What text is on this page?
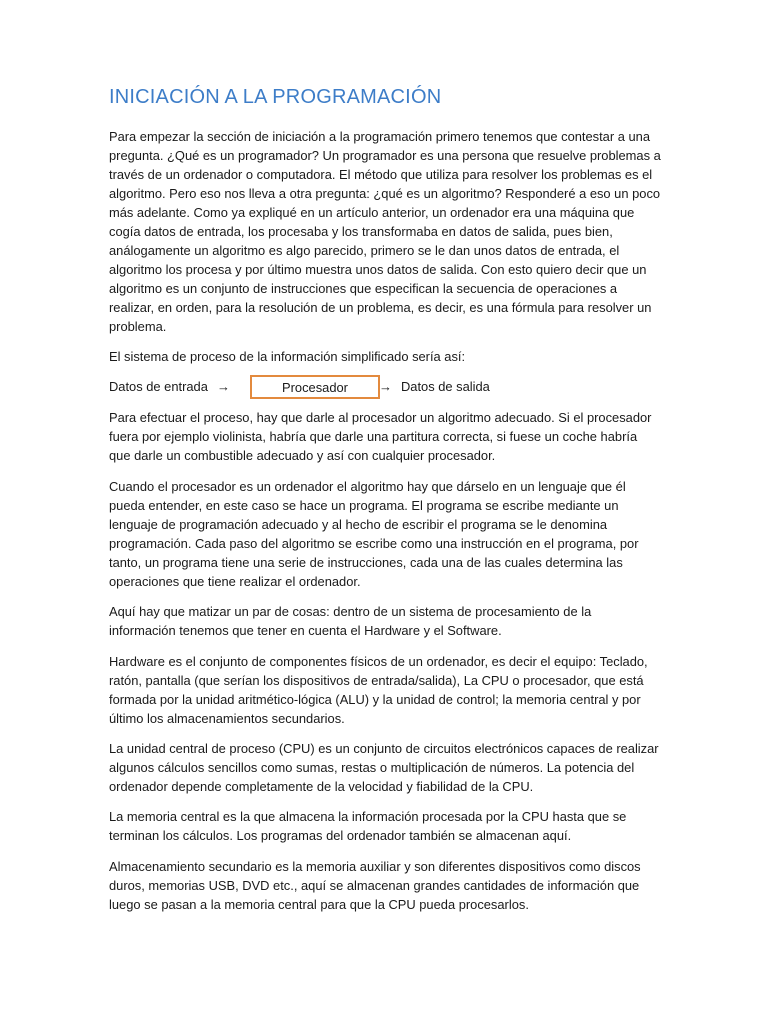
INICIACIÓN A LA PROGRAMACIÓN

Para empezar la sección de iniciación a la programación primero tenemos que contestar a una pregunta. ¿Qué es un programador? Un programador es una persona que resuelve problemas a través de un ordenador o computadora. El método que utiliza para resolver los problemas es el algoritmo. Pero eso nos lleva a otra pregunta: ¿qué es un algoritmo? Responderé a eso un poco más adelante. Como ya expliqué en un artículo anterior, un ordenador era una máquina que cogía datos de entrada, los procesaba y los transformaba en datos de salida, pues bien, análogamente un algoritmo es algo parecido, primero se le dan unos datos de entrada, el algoritmo los procesa y por último muestra unos datos de salida. Con esto quiero decir que un algoritmo es un conjunto de instrucciones que especifican la secuencia de operaciones a realizar, en orden, para la resolución de un problema, es decir, es una fórmula para resolver un problema.

El sistema de proceso de la información simplificado sería así:

Datos de entrada →	Procesador → Datos de salida

Para efectuar el proceso, hay que darle al procesador un algoritmo adecuado. Si el procesador fuera por ejemplo violinista, habría que darle una partitura correcta, si fuese un coche habría que darle un combustible adecuado y así con cualquier procesador.

Cuando el procesador es un ordenador el algoritmo hay que dárselo en un lenguaje que él pueda entender, en este caso se hace un programa. El programa se escribe mediante un lenguaje de programación adecuado y al hecho de escribir el programa se le denomina programación. Cada paso del algoritmo se escribe como una instrucción en el programa, por tanto, un programa tiene una serie de instrucciones, cada una de las cuales determina las operaciones que tiene realizar el ordenador.

Aquí hay que matizar un par de cosas: dentro de un sistema de procesamiento de la información tenemos que tener en cuenta el Hardware y el Software.

Hardware es el conjunto de componentes físicos de un ordenador, es decir el equipo: Teclado, ratón, pantalla (que serían los dispositivos de entrada/salida), La CPU o procesador, que está formada por la unidad aritmético-lógica (ALU) y la unidad de control; la memoria central y por último los almacenamientos secundarios.

La unidad central de proceso (CPU) es un conjunto de circuitos electrónicos capaces de realizar algunos cálculos sencillos como sumas, restas o multiplicación de números. La potencia del ordenador depende completamente de la velocidad y fiabilidad de la CPU.

La memoria central es la que almacena la información procesada por la CPU hasta que se terminan los cálculos. Los programas del ordenador también se almacenan aquí.

Almacenamiento secundario es la memoria auxiliar y son diferentes dispositivos como discos duros, memorias USB, DVD etc., aquí se almacenan grandes cantidades de información que luego se pasan a la memoria central para que la CPU pueda procesarlos.
